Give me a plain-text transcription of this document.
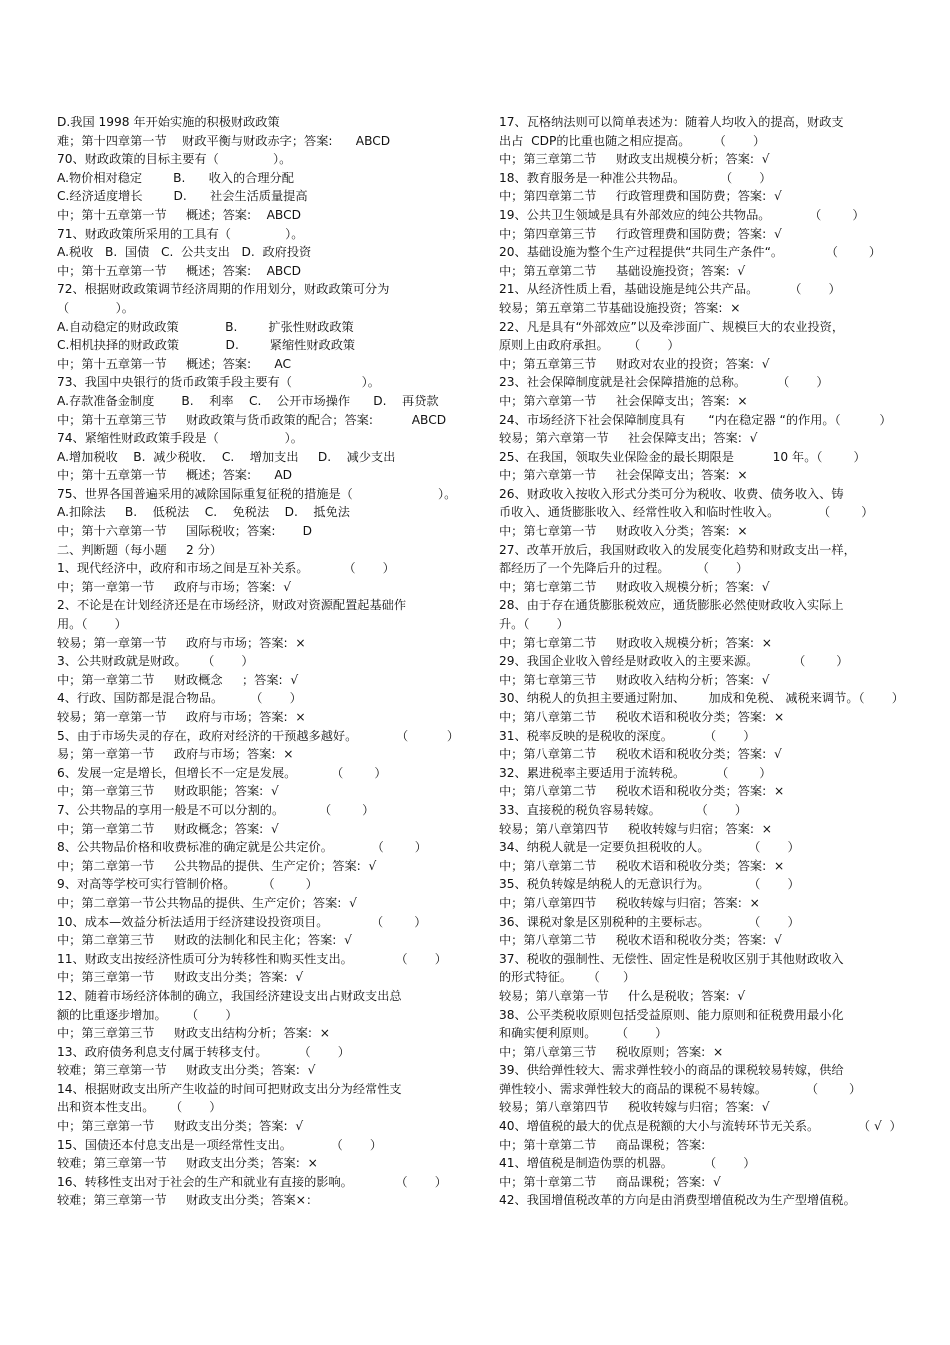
D.我国 1998 年开始实施的积极财政政策
难；第十四章第一节    财政平衡与财政赤字；答案:      ABCD
70、财政政策的目标主要有（              ）。
A.物价相对稳定        B.      收入的合理分配
C.经济适度增长        D.      社会生活质量提高
中；第十五章第一节     概述；答案:    ABCD
71、财政政策所采用的工具有（              ）。
A.税收   B.  国债   C.  公共支出   D.  政府投资
中；第十五章第一节     概述；答案:    ABCD
72、根据财政政策调节经济周期的作用划分，财政政策可分为
（            ）。
A.自动稳定的财政政策            B.        扩张性财政政策
C.相机抉择的财政政策            D.        紧缩性财政政策
中；第十五章第一节     概述；答案:      AC
73、我国中央银行的货币政策手段主要有（                  ）。
A.存款准备金制度       B.    利率    C.    公开市场操作      D.    再贷款
中；第十五章第三节     财政政策与货币政策的配合；答案:          ABCD
74、紧缩性财政政策手段是（                 ）。
A.增加税收    B.  减少税收．  C.    增加支出     D.    减少支出
中；第十五章第一节     概述；答案:      AD
75、世界各国普遍采用的减除国际重复征税的措施是（                      ）。
A.扣除法     B.    低税法    C.    免税法    D.    抵免法
中；第十六章第一节     国际税收；答案:       D
二、判断题（每小题     2 分）
1、现代经济中，政府和市场之间是互补关系。         （       ）
中；第一章第一节     政府与市场；答案:  √
2、不论是在计划经济还是在市场经济，财政对资源配置起基础作
用。（       ）
较易；第一章第一节     政府与市场；答案:  ×
3、公共财政就是财政。    （       ）
中；第一章第二节     财政概念     ；答案:  √
4、行政、国防都是混合物品。       （       ）
较易；第一章第一节     政府与市场；答案:  ×
5、由于市场失灵的存在，政府对经济的干预越多越好。          （          ）
易；第一章第一节     政府与市场；答案:  ×
6、发展一定是增长，但增长不一定是发展。         （        ）
中；第一章第三节     财政职能；答案:  √
7、公共物品的享用一般是不可以分割的。         （        ）
中；第一章第二节     财政概念；答案:  √
8、公共物品价格和收费标准的确定就是公共定价。          （        ）
中；第二章第一节     公共物品的提供、生产定价；答案:  √
9、对高等学校可实行管制价格。       （        ）
中；第二章第一节公共物品的提供、生产定价；答案:  √
10、成本—效益分析法适用于经济建设投资项目。           （        ）
中；第二章第三节     财政的法制化和民主化；答案:  √
11、财政支出按经济性质可分为转移性和购买性支出。           （       ）
中；第三章第一节     财政支出分类；答案:  √
12、随着市场经济体制的确立，我国经济建设支出占财政支出总
额的比重逐步增加。     （       ）
中；第三章第三节     财政支出结构分析；答案:  ×
13、政府债务利息支付属于转移支付。        （       ）
较难；第三章第一节     财政支出分类；答案:  √
14、根据财政支出所产生收益的时间可把财政支出分为经常性支
出和资本性支出。    （       ）
中；第三章第一节     财政支出分类；答案:  √
15、国债还本付息支出是一项经常性支出。          （       ）
较难；第三章第一节     财政支出分类；答案:  ×
16、转移性支出对于社会的生产和就业有直接的影响。           （       ）
较难；第三章第一节     财政支出分类；答案×：
17、瓦格纳法则可以简单表述为：随着人均收入的提高，财政支
出占  CDP的比重也随之相应提高。      （       ）
中；第三章第二节     财政支出规模分析；答案:  √
18、教育服务是一种准公共物品。         （       ）
中；第四章第二节     行政管理费和国防费；答案:  √
19、公共卫生领域是具有外部效应的纯公共物品。          （        ）
中；第四章第三节     行政管理费和国防费；答案:  √
20、基础设施为整个生产过程提供“共同生产条件“。           （        ）
中；第五章第二节     基础设施投资；答案:  √
21、从经济性质上看，基础设施是纯公共产品。        （       ）
较易；第五章第二节基础设施投资；答案:  ×
22、凡是具有“外部效应”以及牵涉面广、规模巨大的农业投资，
原则上由政府承担。     （       ）
中；第五章第三节     财政对农业的投资；答案:  √
23、社会保障制度就是社会保障措施的总称。        （       ）
中；第六章第一节     社会保障支出；答案:  ×
24、市场经济下社会保障制度具有      “内在稳定器 “的作用。（          ）
较易；第六章第一节     社会保障支出；答案:  √
25、在我国，领取失业保险金的最长期限是          10 年。（        ）
中；第六章第一节     社会保障支出；答案:  ×
26、财政收入按收入形式分类可分为税收、收费、债务收入、铸
币收入、通货膨胀收入、经常性收入和临时性收入。          （        ）
中；第七章第一节     财政收入分类；答案:  ×
27、改革开放后，我国财政收入的发展变化趋势和财政支出一样，
都经历了一个先降后升的过程。       （       ）
中；第七章第二节     财政收入规模分析；答案:  √
28、由于存在通货膨胀税效应，通货膨胀必然使财政收入实际上
升。（       ）
中；第七章第二节     财政收入规模分析；答案:  ×
29、我国企业收入曾经是财政收入的主要来源。         （        ）
中；第七章第三节     财政收入结构分析；答案:  √
30、纳税人的负担主要通过附加、      加成和免税、 减税来调节。（       ）
中；第八章第二节     税收术语和税收分类；答案:  ×
31、税率反映的是税收的深度。        （       ）
中；第八章第二节     税收术语和税收分类；答案:  √
32、累进税率主要适用于流转税。        （        ）
中；第八章第二节     税收术语和税收分类；答案:  ×
33、直接税的税负容易转嫁。         （       ）
较易；第八章第四节     税收转嫁与归宿；答案:  ×
34、纳税人就是一定要负担税收的人。          （       ）
中；第八章第二节     税收术语和税收分类；答案:  ×
35、税负转嫁是纳税人的无意识行为。          （       ）
中；第八章第四节     税收转嫁与归宿；答案:  ×
36、课税对象是区别税种的主要标志。          （       ）
中；第八章第二节     税收术语和税收分类；答案:  √
37、税收的强制性、无偿性、固定性是税收区别于其他财政收入
的形式特征。    （      ）
较易；第八章第一节     什么是税收；答案:  √
38、公平类税收原则包括受益原则、能力原则和征税费用最小化
和确实便利原则。     （       ）
中；第八章第三节     税收原则；答案:  ×
39、供给弹性较大、需求弹性较小的商品的课税较易转嫁，供给
弹性较小、需求弹性较大的商品的课税不易转嫁。          （        ）
较易；第八章第四节     税收转嫁与归宿；答案:  √
40、增值税的最大的优点是税额的大小与流转环节无关系。          （ √  ）
中；第十章第二节     商品课税；答案:
41、增值税是制造伪票的机器。        （       ）
中；第十章第二节     商品课税；答案:  √
42、我国增值税改革的方向是由消费型增值税改为生产型增值税。
